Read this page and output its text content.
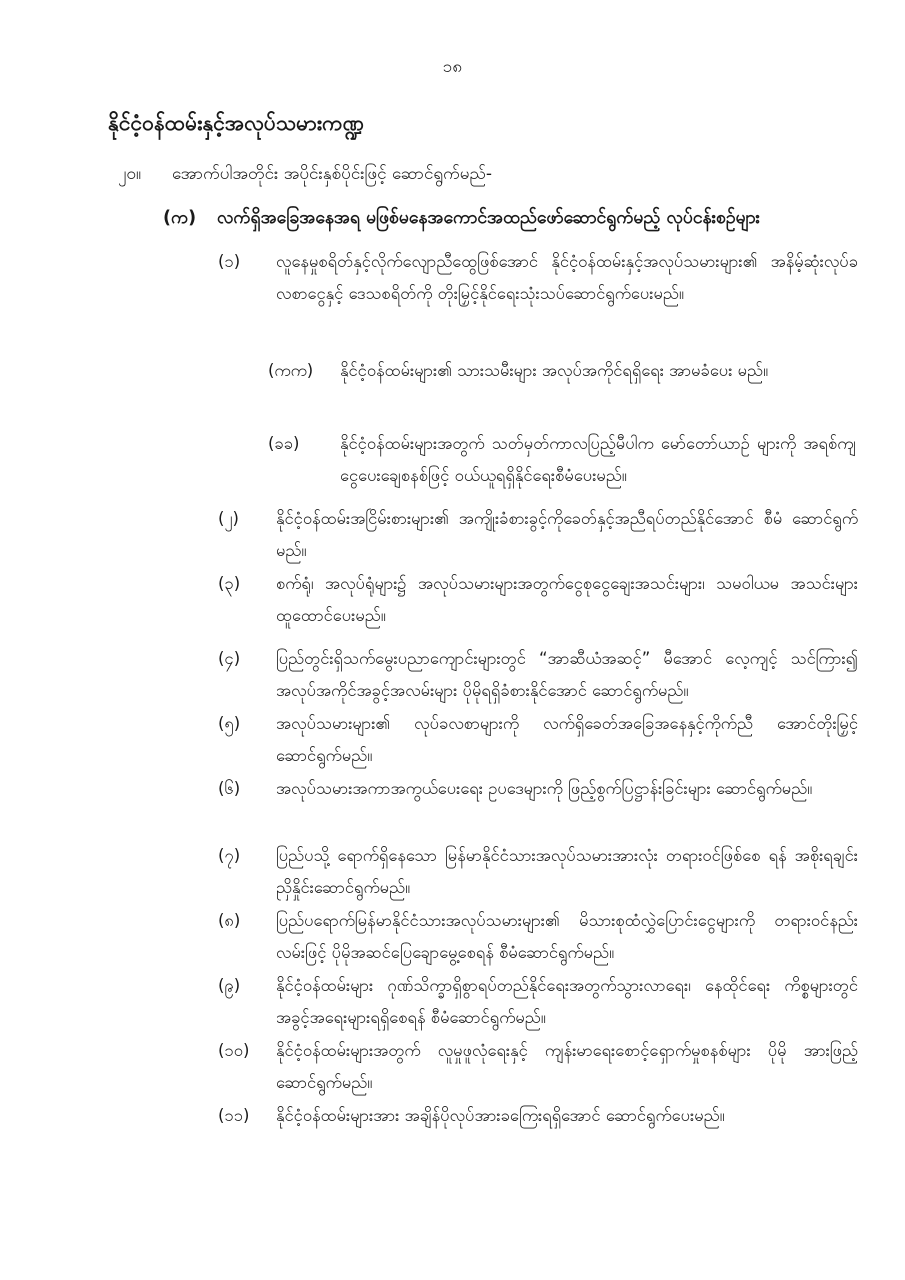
၁၈
နိုင်ငံ့ဝန်ထမ်းနှင့်အလုပ်သမားကဏ္ဍ
၂၀။ အောက်ပါအတိုင်း အပိုင်းနှစ်ပိုင်းဖြင့် ဆောင်ရွက်မည်-
(က) လက်ရှိအခြေအနေအရ မဖြစ်မနေအကောင်အထည်ဖော်ဆောင်ရွက်မည့် လုပ်ငန်းစဉ်များ
(၁)	လူနေမှုစရိတ်နှင့်လိုက်လျောညီထွေဖြစ်အောင် နိုင်ငံ့ဝန်ထမ်းနှင့်အလုပ်သမားများ၏ အနိမ့်ဆုံးလုပ်ခလစာငွေနှင့် ဒေသစရိတ်ကို တိုးမြှင့်နိုင်ရေးသုံးသပ်ဆောင်ရွက်ပေးမည်။
(ကက)	နိုင်ငံ့ဝန်ထမ်းများ၏ သားသမီးများ အလုပ်အကိုင်ရရှိရေး အာမခံပေး မည်။
(ခခ)	နိုင်ငံ့ဝန်ထမ်းများအတွက် သတ်မှတ်ကာလပြည့်မီပါက မော်တော်ယာဉ် များကို အရစ်ကျငွေပေးချေစနစ်ဖြင့် ဝယ်ယူရရှိနိုင်ရေးစီမံပေးမည်။
(၂)	နိုင်ငံ့ဝန်ထမ်းအငြိမ်းစားများ၏ အကျိုးခံစားခွင့်ကိုခေတ်နှင့်အညီရပ်တည်နိုင်အောင် စီမံ ဆောင်ရွက်မည်။
(၃)	စက်ရုံ၊ အလုပ်ရုံများ၌ အလုပ်သမားများအတွက်ငွေစုငွေချေးအသင်းများ၊ သမဝါယမ အသင်းများ ထူထောင်ပေးမည်။
(၄)	ပြည်တွင်းရှိသက်မွေးပညာကျောင်းများတွင် “အာဆီယံအဆင့်” မီအောင် လေ့ကျင့် သင်ကြား၍ အလုပ်အကိုင်အခွင့်အလမ်းများ ပိုမိုရရှိခံစားနိုင်အောင် ဆောင်ရွက်မည်။
(၅)	အလုပ်သမားများ၏ လုပ်ခလစာများကို လက်ရှိခေတ်အခြေအနေနှင့်ကိုက်ညီ အောင်တိုးမြှင့်ဆောင်ရွက်မည်။
(၆)	အလုပ်သမားအကာအကွယ်ပေးရေး ဥပဒေများကို ဖြည့်စွက်ပြဋ္ဌာန်းခြင်းများ ဆောင်ရွက်မည်။
(၇)	ပြည်ပသို့ ရောက်ရှိနေသော မြန်မာနိုင်ငံသားအလုပ်သမားအားလုံး တရားဝင်ဖြစ်စေ ရန် အစိုးရချင်းညှိနှိုင်းဆောင်ရွက်မည်။
(၈)	ပြည်ပရောက်မြန်မာနိုင်ငံသားအလုပ်သမားများ၏ မိသားစုထံလွှဲပြောင်းငွေများကို တရားဝင်နည်းလမ်းဖြင့် ပိုမိုအဆင်ပြေချောမွေ့စေရန် စီမံဆောင်ရွက်မည်။
(၉)	နိုင်ငံ့ဝန်ထမ်းများ ဂုဏ်သိက္ခာရှိစွာရပ်တည်နိုင်ရေးအတွက်သွားလာရေး၊ နေထိုင်ရေး ကိစ္စများတွင် အခွင့်အရေးများရရှိစေရန် စီမံဆောင်ရွက်မည်။
(၁၀)	နိုင်ငံ့ဝန်ထမ်းများအတွက် လူမှုဖူလုံရေးနှင့် ကျန်းမာရေးစောင့်ရှောက်မှုစနစ်များ ပိုမို အားဖြည့်ဆောင်ရွက်မည်။
(၁၁)	နိုင်ငံ့ဝန်ထမ်းများအား အချိန်ပိုလုပ်အားခကြေးရရှိအောင် ဆောင်ရွက်ပေးမည်။
